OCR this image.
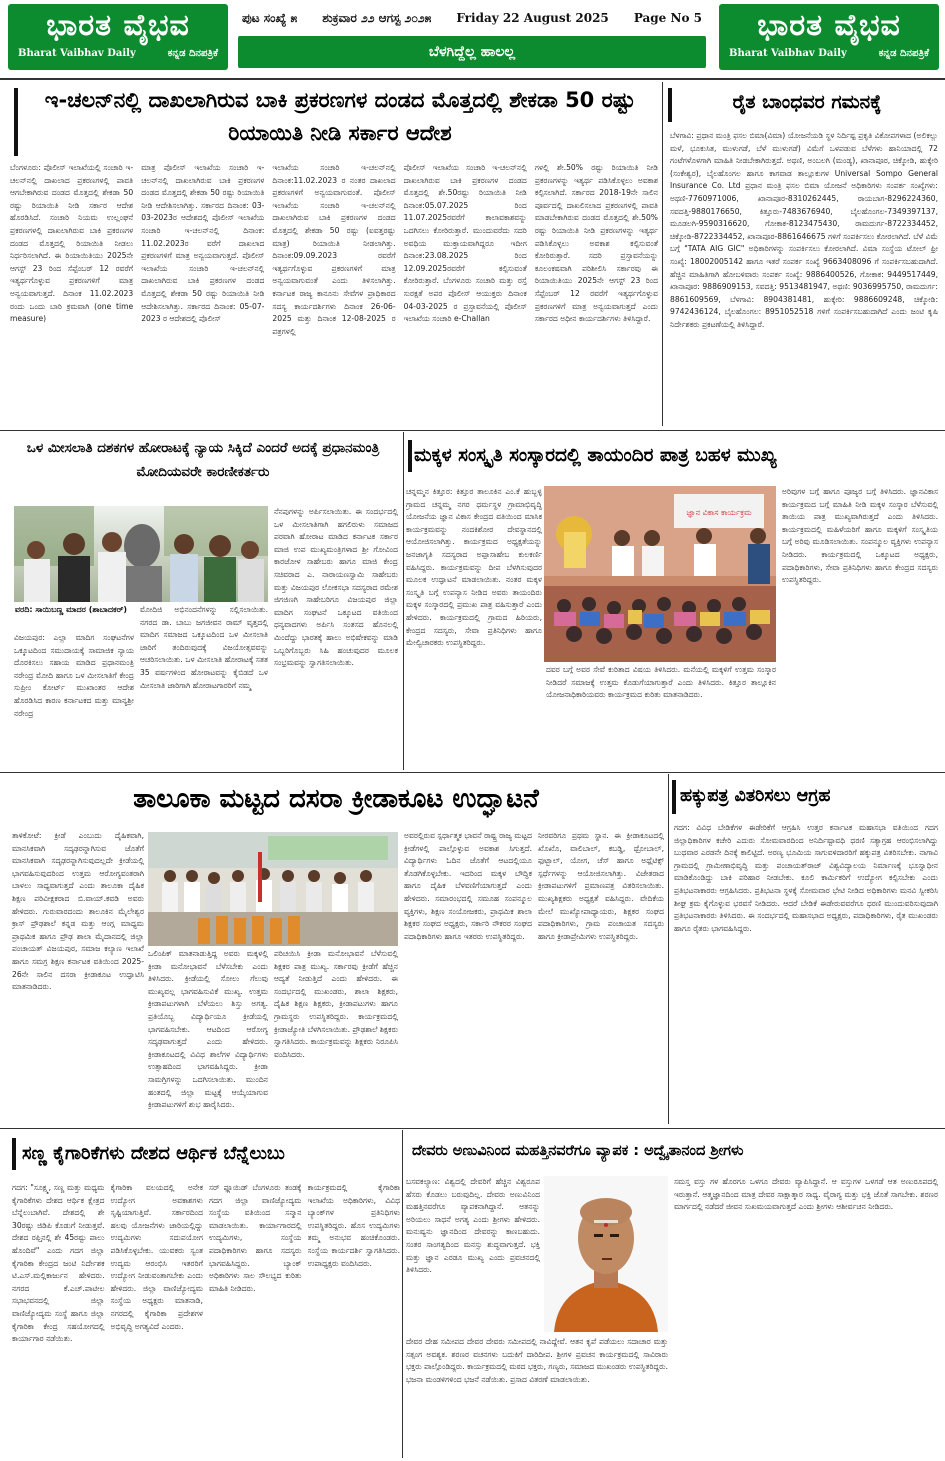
ಭಾರತ ವೈಭವ
Bharat Vaibhav Daily	ಕನ್ನಡ ದಿನಪತ್ರಿಕೆ
ಪುಟ ಸಂಖ್ಯೆ ೫ ಶುಕ್ರವಾರ ೨೨ ಆಗಸ್ಟ ೨೦೨೫ Friday 22 August 2025 Page No 5
ಬೆಳಗಿದ್ದೆಲ್ಲ ಹಾಲಲ್ಲ
ಭಾರತ ವೈಭವ
Bharat Vaibhav Daily	ಕನ್ನಡ ದಿನಪತ್ರಿಕೆ
ಇ-ಚಲನ್‌ನಲ್ಲಿ ದಾಖಲಾಗಿರುವ ಬಾಕಿ ಪ್ರಕರಣಗಳ ದಂಡದ ಮೊತ್ತದಲ್ಲಿ ಶೇಕಡಾ 50 ರಷ್ಟು ರಿಯಾಯಿತಿ ನೀಡಿ ಸರ್ಕಾರ ಆದೇಶ
ಬೆಂಗಳೂರು: ಪೊಲೀಸ್ ಇಲಾಖೆಯಲ್ಲಿ ಸಂಚಾರಿ ಇ-ಚಲನ್‌ನಲ್ಲಿ ದಾಖಲಾದ ಪ್ರಕರಣಗಳಲ್ಲಿ ಪಾವತಿ ಆಗಬೇಕಾಗಿರುವ ದಂಡದ ಮೊತ್ತದಲ್ಲಿ ಶೇಕಡಾ 50 ರಷ್ಟು ರಿಯಾಯಿತಿ ನೀಡಿ ಸರ್ಕಾರ ಆದೇಶ ಹೊರಡಿಸಿದೆ. ಸಂಚಾರಿ ನಿಯಮ ಉಲ್ಲಂಘನೆ ಪ್ರಕರಣಗಳಲ್ಲಿ ದಾಖಲಾಗಿರುವ ಬಾಕಿ ಪ್ರಕರಣಗಳ ದಂಡದ ಮೊತ್ತದಲ್ಲಿ ರಿಯಾಯಿತಿ ನೀಡಲು ನಿರ್ಧರಿಸಲಾಗಿದೆ. ಈ ರಿಯಾಯಿತಿಯು 2025ನೇ ಆಗಸ್ಟ್ 23 ರಿಂದ ಸೆಪ್ಟೆಂಬರ್ 12 ರವರೆಗೆ ಇತ್ಯರ್ಥಗೊಳ್ಳುವ ಪ್ರಕರಣಗಳಿಗೆ ಮಾತ್ರ ಅನ್ವಯವಾಗುತ್ತದೆ. ದಿನಾಂಕ 11.02.2023 ರಂದು ಒಂದು ಬಾರಿ ಕ್ರಮವಾಗಿ (one time measure)
ಮಾತ್ರ ಪೊಲೀಸ್ ಇಲಾಖೆಯ ಸಂಚಾರಿ ಇ-ಚಲನ್‌ನಲ್ಲಿ ದಾಖಲಾಗಿರುವ ಬಾಕಿ ಪ್ರಕರಣಗಳ ದಂಡದ ಮೊತ್ತದಲ್ಲಿ ಶೇಕಡಾ 50 ರಷ್ಟು ರಿಯಾಯಿತಿ ನೀಡಿ ಆದೇಶಿಸಲಾಗಿತ್ತು. ಸರ್ಕಾರದ ದಿನಾಂಕ: 03-03-2023ರ ಆದೇಶದಲ್ಲಿ ಪೊಲೀಸ್ ಇಲಾಖೆಯ ಸಂಚಾರಿ ಇ-ಚಲನ್‌ನಲ್ಲಿ ದಿನಾಂಕ: 11.02.2023ರ ವರೆಗೆ ದಾಖಲಾದ ಪ್ರಕರಣಗಳಿಗೆ ಮಾತ್ರ ಅನ್ವಯವಾಗುತ್ತದೆ. ಪೊಲೀಸ್ ಇಲಾಖೆಯ ಸಂಚಾರಿ ಇ-ಚಲನ್‌ನಲ್ಲಿ ದಾಖಲಾಗಿರುವ ಬಾಕಿ ಪ್ರಕರಣಗಳ ದಂಡದ ಮೊತ್ತದಲ್ಲಿ ಶೇಕಡಾ 50 ರಷ್ಟು ರಿಯಾಯಿತಿ ನೀಡಿ ಆದೇಶಿಸಲಾಗಿತ್ತು. ಸರ್ಕಾರದ ದಿನಾಂಕ: 05-07-2023 ರ ಆದೇಶದಲ್ಲಿ ಪೊಲೀಸ್
ಇಲಾಖೆಯ ಸಂಚಾರಿ ಇ-ಚಲನ್‌ನಲ್ಲಿ ದಿನಾಂಕ:11.02.2023 ರ ನಂತರ ದಾಖಲಾದ ಪ್ರಕರಣಗಳಿಗೆ ಅನ್ವಯವಾಗುವಂತೆ. ಪೊಲೀಸ್ ಇಲಾಖೆಯ ಸಂಚಾರಿ ಇ-ಚಲನ್‌ನಲ್ಲಿ ದಾಖಲಾಗಿರುವ ಬಾಕಿ ಪ್ರಕರಣಗಳ ದಂಡದ ಮೊತ್ತದಲ್ಲಿ ಶೇಕಡಾ 50 ರಷ್ಟು (ಐವತ್ತರಷ್ಟು ಮಾತ್ರ) ರಿಯಾಯಿತಿ ನೀಡಲಾಗಿತ್ತು. ದಿನಾಂಕ:09.09.2023 ರವರೆಗೆ ಇತ್ಯರ್ಥಗೊಳ್ಳುವ ಪ್ರಕರಣಗಳಿಗೆ ಮಾತ್ರ ಅನ್ವಯವಾಗುವಂತೆ ಎಂದು ತಿಳಿಸಲಾಗಿತ್ತು. ಕರ್ನಾಟಕ ರಾಜ್ಯ ಕಾನೂನು ಸೇವೆಗಳ ಪ್ರಾಧಿಕಾರದ ಸದಸ್ಯ ಕಾರ್ಯದರ್ಶಿಗಳು ದಿನಾಂಕ 26-06-2025 ಮತ್ತು ದಿನಾಂಕ 12-08-2025 ರ ಪತ್ರಗಳಲ್ಲಿ
ಪೊಲೀಸ್ ಇಲಾಖೆಯ ಸಂಚಾರಿ ಇ-ಚಲನ್‌ನಲ್ಲಿ ದಾಖಲಾಗಿರುವ ಬಾಕಿ ಪ್ರಕರಣಗಳ ದಂಡದ ಮೊತ್ತದಲ್ಲಿ ಶೇ.50ರಷ್ಟು ರಿಯಾಯಿತಿ ನೀಡಿ ದಿನಾಂಕ:05.07.2025 ರಿಂದ 11.07.2025ರವರೆಗೆ ಕಾಲಾವಕಾಶವನ್ನು ಒದಗಿಸಲು ಕೋರಿರುತ್ತಾರೆ. ಮುಂದುವರೆದು ಸದರಿ ಅವಧಿಯ ಮುಕ್ತಾಯವಾಗಿದ್ದರೂ ಇದೀಗ ದಿನಾಂಕ:23.08.2025 ರಿಂದ 12.09.2025ರವರೆಗೆ ಕಲ್ಪಿಸುವಂತೆ ಕೋರಿರುತ್ತಾರೆ. ಬೆಂಗಳೂರು ಸಂಚಾರಿ ಮತ್ತು ರಸ್ತೆ ಸುರಕ್ಷತೆ ಅಪರ ಪೊಲೀಸ್ ಆಯುಕ್ತರು ದಿನಾಂಕ 04-03-2025 ರ ಪ್ರಸ್ತಾವನೆಯಲ್ಲಿ ಪೊಲೀಸ್ ಇಲಾಖೆಯ ಸಂಚಾರಿ e-Challan
ಗಳಲ್ಲಿ ಶೇ.50% ರಷ್ಟು ರಿಯಾಯಿತಿ ನೀಡಿ ಪ್ರಕರಣಗಳನ್ನು ಇತ್ಯರ್ಥ ಪಡಿಸಿಕೊಳ್ಳಲು ಅವಕಾಶ ಕಲ್ಪಿಸಲಾಗಿದೆ. ಸರ್ಕಾರದ 2018-19ನೇ ಸಾಲಿನ ಪೂರ್ವದಲ್ಲಿ ದಾಖಲಿಸಲಾದ ಪ್ರಕರಣಗಳಲ್ಲಿ ಪಾವತಿ ಮಾಡಬೇಕಾಗಿರುವ ದಂಡದ ಮೊತ್ತದಲ್ಲಿ ಶೇ.50% ರಷ್ಟು ರಿಯಾಯಿತಿ ನೀಡಿ ಪ್ರಕರಣಗಳನ್ನು ಇತ್ಯರ್ಥ ಪಡಿಸಿಕೊಳ್ಳಲು ಅವಕಾಶ ಕಲ್ಪಿಸುವಂತೆ ಕೋರಿರುತ್ತಾರೆ. ಸದರಿ ಪ್ರಸ್ತಾವನೆಯನ್ನು ಕೂಲಂಕಷವಾಗಿ ಪರಿಶೀಲಿಸಿ ಸರ್ಕಾರವು ಈ ರಿಯಾಯಿತಿಯು 2025ನೇ ಆಗಸ್ಟ್ 23 ರಿಂದ ಸೆಪ್ಟೆಂಬರ್ 12 ರವರೆಗೆ ಇತ್ಯರ್ಥಗೊಳ್ಳುವ ಪ್ರಕರಣಗಳಿಗೆ ಮಾತ್ರ ಅನ್ವಯವಾಗುತ್ತದೆ ಎಂದು ಸರ್ಕಾರದ ಅಧೀನ ಕಾರ್ಯದರ್ಶಿಗಳು ತಿಳಿಸಿದ್ದಾರೆ.
ರೈತ ಬಾಂಧವರ ಗಮನಕ್ಕೆ
ಬೆಳಗಾವಿ: ಪ್ರಧಾನ ಮಂತ್ರಿ ಫಸಲ ಬಿಮಾ(ವಿಮಾ) ಯೋಜನೆಯಡಿ ಸ್ಥಳ ನಿರ್ದಿಷ್ಟ ಪ್ರಕೃತಿ ವಿಕೋಪಗಳಾದ (ಅಲಿಕಲ್ಲು ಮಳೆ, ಭೂಕುಸಿತ, ಮುಳುಗಡೆ, ಬೆಳೆ ಮುಳುಗಡೆ) ವಿಮೆಗೆ ಒಳಪಡುವ ಬೆಳೆಗಳು ಹಾನಿಯಾದಲ್ಲಿ 72 ಗಂಟೆಗಳೊಳಗಾಗಿ ಮಾಹಿತಿ ನೀಡಬೇಕಾಗಿರುತ್ತದೆ. ಅಥಣಿ, ಅಂಬಲಗಿ (ಮಂಡ್ಯ), ಖಾನಾಪೂರ, ಚಿಕ್ಕೋಡಿ, ಹುಕ್ಕೇರಿ (ಸಂಕೇಶ್ವರ), ಬೈಲಹೊಂಗಲ ಹಾಗೂ ಕಾಗವಾಡ ತಾಲ್ಲೂಕುಗಳ Universal Sompo General Insurance Co. Ltd ಪ್ರಧಾನ ಮಂತ್ರಿ ಫಸಲ ಬಿಮಾ ಯೋಜನೆ ಅಧಿಕಾರಿಗಳು ಸಂಪರ್ಕ ಸಂಖ್ಯೆಗಳು: ಅಥಣಿ-7760971006, ಖಾನಾಪೂರ-8310262445, ರಾಯಬಾಗ-8296224360, ಸವದತ್ತಿ-9880176650, ಕಿತ್ತೂರು-7483676940, ಬೈಲಹೊಂಗಲ-7349397137, ಮೂಡಲಗಿ-9590316620, ಗೋಕಾಕ-8123475430, ರಾಮದುರ್ಗ-8722334452, ಚಿಕ್ಕೋಡಿ-8722334452, ಖಾನಾಪೂರ-8861646675 ಗಳಿಗೆ ಸಂಪರ್ಕಿಸಲು ಕೋರಲಾಗಿದೆ. ಬೆಳೆ ವಿಮೆ ಬಗ್ಗೆ "TATA AIG GIC" ಅಧಿಕಾರಿಗಳನ್ನು ಸಂಪರ್ಕಿಸಲು ಕೋರಲಾಗಿದೆ. ವಿಮಾ ಸಂಸ್ಥೆಯ ಟೋಲ್ ಫ್ರೀ ಸಂಖ್ಯೆ: 18002005142 ಹಾಗೂ ಇತರೆ ಸಂಪರ್ಕ ಸಂಖ್ಯೆ 9663408096 ಗೆ ಸಂಪರ್ಕಿಸಬಹುದಾಗಿದೆ. ಹೆಚ್ಚಿನ ಮಾಹಿತಿಗಾಗಿ ಹೋಬಳಿವಾರು ಸಂಪರ್ಕ ಸಂಖ್ಯೆ: 9886400526, ಗೋಕಾಕ: 9449517449, ಖಾನಾಪೂರ: 9886909153, ಸವದತ್ತಿ: 9513481947, ಅಥಣಿ: 9036995750, ರಾಮದುರ್ಗ: 8861609569, ಬೆಳಗಾವಿ: 8904381481, ಹುಕ್ಕೇರಿ: 9886609248, ಚಿಕ್ಕೋಡಿ: 9742436124, ಬೈಲಹೊಂಗಲ: 8951052518 ಗಳಿಗೆ ಸಂಪರ್ಕಿಸಬಹುದಾಗಿದೆ ಎಂದು ಜಂಟಿ ಕೃಷಿ ನಿರ್ದೇಶಕರು ಪ್ರಕಟಣೆಯಲ್ಲಿ ತಿಳಿಸಿದ್ದಾರೆ.
ಒಳ ಮೀಸಲಾತಿ ದಶಕಗಳ ಹೋರಾಟಕ್ಕೆ ನ್ಯಾಯ ಸಿಕ್ಕಿದೆ ಎಂದರೆ ಅದಕ್ಕೆ ಪ್ರಧಾನಮಂತ್ರಿ ಮೋದಿಯವರೇ ಕಾರಣೀಕರ್ತರು
ವರದಿ: ಸಾಯಿಬಣ್ಣ ಮಾದರ (ಶಾಬಾದಕರ್)
ವಿಜಯಪುರ: ಎಲ್ಲಾ ಮಾದಿಗ ಸಂಘಟನೆಗಳ ಒಕ್ಕೂಟದಿಂದ ಸಮುದಾಯಕ್ಕೆ ಸಾಮಾಜಿಕ ನ್ಯಾಯ ದೊರಕಿಸಲು ಸಹಾಯ ಮಾಡಿದ ಪ್ರಧಾನಮಂತ್ರಿ ನರೇಂದ್ರ ಮೋದಿ ಹಾಗೂ ಒಳ ಮೀಸಲಾತಿಗೆ ಕೇಂದ್ರ ಸುಪ್ರೀಂ ಕೋರ್ಟ್ ಮುಖಾಂತರ ಆದೇಶ ಹೊರಡಿಸಿದ ಕಾರಣ ಕರ್ನಾಟಕದ ಮತ್ತು ಮಾನ್ಯಶ್ರೀ ನರೇಂದ್ರ
ಮೋದಿಜಿ ಅಭಿನಂದನೆಗಳನ್ನು ಸಲ್ಲಿಸಲಾಯಿತು. ನಗರದ ಡಾ. ಬಾಬು ಜಗಜೀವನ ರಾಮ್ ವೃತ್ತದಲ್ಲಿ ಮಾದಿಗ ಸಮಾಜದ ಒಕ್ಕೂಟದಿಂದ ಒಳ ಮೀಸಲಾತಿ ಜಾರಿಗೆ ತಂದಿರುವುದಕ್ಕೆ ವಿಜಯೋತ್ಸವವನ್ನು ಆಚರಿಸಲಾಯಿತು. ಒಳ ಮೀಸಲಾತಿ ಹೋರಾಟಕ್ಕೆ ಸತತ 35 ವರ್ಷಗಳಿಂದ ಹೋರಾಟವನ್ನು ಕೈಬಿಡದೆ ಒಳ ಮೀಸಲಾತಿ ಜಾರಿಗಾಗಿ ಹೋರಾಟಗಾರರಿಗೆ ನಮ್ಮ
ನೆನಪುಗಳನ್ನು ಅರ್ಪಿಸಲಾಯಿತು. ಈ ಸಂದರ್ಭದಲ್ಲಿ ಒಳ ಮೀಸಲಾತಿಗಾಗಿ ಹಗಲಿರುಳು ಸಮಾಜದ ಪರವಾಗಿ ಹೋರಾಟ ಮಾಡಿದ ಕರ್ನಾಟಕ ಸರ್ಕಾರ ಮಾಜಿ ಉಪ ಮುಖ್ಯಮಂತ್ರಿಗಳಾದ ಶ್ರೀ ಗೋವಿಂದ ಕಾರಜೋಳ ಸಾಹೇಬರು ಹಾಗೂ ಮಾಜಿ ಕೇಂದ್ರ ಸಚಿವರಾದ ಎ. ನಾರಾಯಣಸ್ವಾಮಿ ಸಾಹೇಬರು ಮತ್ತು ವಿಜಯಪುರ ಲೋಕಸಭಾ ಸದಸ್ಯರಾದ ರಮೇಶ ಜಿಗಜಿಣಗಿ ಸಾಹೇಬರಿಗೂ ವಿಜಯಪುರ ಜಿಲ್ಲಾ ಮಾದಿಗ ಸಂಘಟನೆ ಒಕ್ಕೂಟದ ವತಿಯಿಂದ ಧನ್ಯವಾದಗಳು ಅರ್ಪಿಸಿ ಸಂತಸದ ಹೊನಲಲ್ಲಿ ಮಿಂದೆದ್ದು ಭಾರತಕ್ಕೆ ಹಾಲು ಅಭಿಷೇಕವನ್ನು ಮಾಡಿ ಒಬ್ಬರಿಗೊಬ್ಬರು ಸಿಹಿ ಹಂಚುವುದರ ಮೂಲಕ ಸಂಭ್ರಮವನ್ನು ಸ್ವಾಗತಿಸಲಾಯಿತು.
ಮಕ್ಕಳ ಸಂಸ್ಕೃತಿ ಸಂಸ್ಕಾರದಲ್ಲಿ ತಾಯಂದಿರ ಪಾತ್ರ ಬಹಳ ಮುಖ್ಯ
ಚನ್ನಮ್ಮನ ಕಿತ್ತೂರ: ಕಿತ್ತೂರ ತಾಲೂಕಿನ ಎಂ.ಕೆ ಹುಬ್ಬಳ್ಳಿ ಗ್ರಾಮದ ಚನ್ನಮ್ಮ ನಗರ ಧರ್ಮಸ್ಥಳ ಗ್ರಾಮಾಭಿವೃದ್ಧಿ ಯೋಜನೆಯ ಜ್ಞಾನ ವಿಕಾಸ ಕೇಂದ್ರದ ವತಿಯಿಂದ ಮಾಸಿಕ ಕಾರ್ಯಕ್ರಮವನ್ನು ನಂದಕಿಶೋರ ದೇವಸ್ಥಾನದಲ್ಲಿ ಆಯೋಜಿಸಲಾಗಿತ್ತು. ಕಾರ್ಯಕ್ರಮದ ಅಧ್ಯಕ್ಷತೆಯನ್ನು ಜನಜಾಗೃತಿ ಸದಸ್ಯರಾದ ಅಪ್ಪಾಸಾಹೇಬ ಕುಲಕರ್ಣಿ ವಹಿಸಿದ್ದರು. ಕಾರ್ಯಕ್ರಮವನ್ನು ದೀಪ ಬೆಳಗಿಸುವುದರ ಮೂಲಕ ಉದ್ಘಾಟನೆ ಮಾಡಲಾಯಿತು. ನಂತರ ಮಕ್ಕಳ ಸಂಸ್ಕೃತಿ ಬಗ್ಗೆ ಉಪನ್ಯಾಸ ನೀಡಿದ ಅವರು ತಾಯಂದಿರು ಮಕ್ಕಳ ಸಂಸ್ಕಾರದಲ್ಲಿ ಪ್ರಮುಖ ಪಾತ್ರ ವಹಿಸುತ್ತಾರೆ ಎಂದು ಹೇಳಿದರು. ಕಾರ್ಯಕ್ರಮದಲ್ಲಿ ಗ್ರಾಮದ ಹಿರಿಯರು, ಕೇಂದ್ರದ ಸದಸ್ಯರು, ಸೇವಾ ಪ್ರತಿನಿಧಿಗಳು ಹಾಗೂ ಮೇಲ್ವಿಚಾರಕರು ಉಪಸ್ಥಿತರಿದ್ದರು.
ಜ್ಞಾನ ವಿಕಾಸ ಕಾರ್ಯಕ್ರಮ
ದವರ ಬಗ್ಗೆ ಅವರ ಸೇವೆ ಕುರಿತಾದ ವಿಷಯ ತಿಳಿಸಿದರು. ಮನೆಯಲ್ಲಿ ಮಕ್ಕಳಿಗೆ ಉತ್ತಮ ಸಂಸ್ಕಾರ ನೀಡಿದರೆ ಸಮಾಜಕ್ಕೆ ಉತ್ತಮ ಕೊಡುಗೆಯಾಗುತ್ತಾರೆ ಎಂದು ತಿಳಿಸಿದರು. ಕಿತ್ತೂರ ತಾಲ್ಲೂಕಿನ ಯೋಜನಾಧಿಕಾರಿಯವರು ಕಾರ್ಯಕ್ರಮದ ಕುರಿತು ಮಾತನಾಡಿದರು.
ಅರಿವುಗಳ ಬಗ್ಗೆ ಹಾಗೂ ಪೂಜ್ಯರ ಬಗ್ಗೆ ತಿಳಿಸಿದರು. ಜ್ಞಾನವಿಕಾಸ ಕಾರ್ಯಕ್ರಮದ ಬಗ್ಗೆ ಮಾಹಿತಿ ನೀಡಿ ಮಕ್ಕಳ ಸಂಸ್ಕಾರ ಬೆಳೆಸುವಲ್ಲಿ ತಾಯಿಯ ಪಾತ್ರ ಮುಖ್ಯವಾಗಿರುತ್ತದೆ ಎಂದು ತಿಳಿಸಿದರು. ಕಾರ್ಯಕ್ರಮದಲ್ಲಿ ಮಹಿಳೆಯರಿಗೆ ಹಾಗೂ ಮಕ್ಕಳಿಗೆ ಸಂಸ್ಕೃತಿಯ ಬಗ್ಗೆ ಅರಿವು ಮೂಡಿಸಲಾಯಿತು. ಸಂಪನ್ಮೂಲ ವ್ಯಕ್ತಿಗಳು ಉಪನ್ಯಾಸ ನೀಡಿದರು. ಕಾರ್ಯಕ್ರಮದಲ್ಲಿ ಒಕ್ಕೂಟದ ಅಧ್ಯಕ್ಷರು, ಪದಾಧಿಕಾರಿಗಳು, ಸೇವಾ ಪ್ರತಿನಿಧಿಗಳು ಹಾಗೂ ಕೇಂದ್ರದ ಸದಸ್ಯರು ಉಪಸ್ಥಿತರಿದ್ದರು.
ತಾಲೂಕಾ ಮಟ್ಟದ ದಸರಾ ಕ್ರೀಡಾಕೂಟ ಉದ್ಘಾಟನೆ
ತಾಳಿಕೋಟೆ: ಕ್ರೀಡೆ ಎಂಬುದು ದೈಹಿಕವಾಗಿ, ಮಾನಸಿಕವಾಗಿ ಸದೃಢರನ್ನಾಗಿಸುವ ಜೊತೆಗೆ ಮಾನಸಿಕವಾಗಿ ಸದೃಢರನ್ನಾಗಿಸುವುದಲ್ಲದೇ ಕ್ರೀಡೆಯಲ್ಲಿ ಭಾಗವಹಿಸುವುದರಿಂದ ಉತ್ತಮ ಆರೋಗ್ಯವಂತರಾಗಿ ಬಾಳಲು ಸಾಧ್ಯವಾಗುತ್ತದೆ ಎಂದು ತಾಲೂಕಾ ದೈಹಿಕ ಶಿಕ್ಷಣ ಪರಿವೀಕ್ಷಕರಾದ ಬಿ.ವಾಯ್.ಕವಡಿ ಅವರು ಹೇಳಿದರು. ಗುರುವಾರದಂದು ತಾಲೂಕಿನ ಮೈಲೇಶ್ವರ ಕ್ರಾಸ್ ಪ್ರೌಢಶಾಲೆ ಕನ್ನಡ ಮತ್ತು ಆಂಗ್ಲ ಮಾಧ್ಯಮ ಪ್ರಾಥಮಿಕ ಹಾಗೂ ಪ್ರೌಢ ಶಾಲಾ ಮೈದಾನದಲ್ಲಿ ಜಿಲ್ಲಾ ಪಂಚಾಯತ್ ವಿಜಯಪುರ, ಸಮಾಜ ಕಲ್ಯಾಣ ಇಲಾಖೆ ಹಾಗೂ ಸಮಗ್ರ ಶಿಕ್ಷಣ ಕರ್ನಾಟಕ ವತಿಯಿಂದ 2025-26ನೇ ಸಾಲಿನ ದಸರಾ ಕ್ರೀಡಾಕೂಟ ಉದ್ಘಾಟಿಸಿ ಮಾತನಾಡಿದರು.
ಒಲಿಂಪಿಕ್ ಮಾತನಾಡುತ್ತಿದ್ದ ಅವರು ಮಕ್ಕಳಲ್ಲಿ ಕ್ರೀಡಾ ಮನೋಭಾವನೆ ಬೆಳೆಸಬೇಕು ಎಂದು ತಿಳಿಸಿದರು. ಕ್ರೀಡೆಯಲ್ಲಿ ಸೋಲು ಗೆಲುವು ಮುಖ್ಯವಲ್ಲ ಭಾಗವಹಿಸುವಿಕೆ ಮುಖ್ಯ. ಉತ್ತಮ ಕ್ರೀಡಾಪಟುಗಳಾಗಿ ಬೆಳೆಯಲು ಶಿಸ್ತು ಅಗತ್ಯ. ಪ್ರತಿಯೊಬ್ಬ ವಿದ್ಯಾರ್ಥಿಯೂ ಕ್ರೀಡೆಯಲ್ಲಿ ಭಾಗವಹಿಸಬೇಕು. ಆಟದಿಂದ ಆರೋಗ್ಯ ಸದೃಢವಾಗುತ್ತದೆ ಎಂದು ಹೇಳಿದರು. ಕ್ರೀಡಾಕೂಟದಲ್ಲಿ ವಿವಿಧ ಶಾಲೆಗಳ ವಿದ್ಯಾರ್ಥಿಗಳು ಉತ್ಸಾಹದಿಂದ ಭಾಗವಹಿಸಿದ್ದರು. ಕ್ರೀಡಾ ಸಾಮಗ್ರಿಗಳನ್ನು ಒದಗಿಸಲಾಯಿತು. ಮುಂದಿನ ಹಂತದಲ್ಲಿ ಜಿಲ್ಲಾ ಮಟ್ಟಕ್ಕೆ ಆಯ್ಕೆಯಾಗುವ ಕ್ರೀಡಾಪಟುಗಳಿಗೆ ಶುಭ ಹಾರೈಸಿದರು.
ಪರಿಚಯಿಸಿ ಕ್ರೀಡಾ ಮನೋಭಾವನೆ ಬೆಳೆಸುವಲ್ಲಿ ಶಿಕ್ಷಕರ ಪಾತ್ರ ಮುಖ್ಯ. ಸರ್ಕಾರವು ಕ್ರೀಡೆಗೆ ಹೆಚ್ಚಿನ ಆದ್ಯತೆ ನೀಡುತ್ತಿದೆ ಎಂದು ಹೇಳಿದರು. ಈ ಸಂದರ್ಭದಲ್ಲಿ ಮುಖಂಡರು, ಶಾಲಾ ಶಿಕ್ಷಕರು, ದೈಹಿಕ ಶಿಕ್ಷಣ ಶಿಕ್ಷಕರು, ಕ್ರೀಡಾಪಟುಗಳು ಹಾಗೂ ಗ್ರಾಮಸ್ಥರು ಉಪಸ್ಥಿತರಿದ್ದರು. ಕಾರ್ಯಕ್ರಮದಲ್ಲಿ ಕ್ರೀಡಾಜ್ಯೋತಿ ಬೆಳಗಿಸಲಾಯಿತು. ಪ್ರೌಢಶಾಲೆ ಶಿಕ್ಷಕರು ಸ್ವಾಗತಿಸಿದರು. ಕಾರ್ಯಕ್ರಮವನ್ನು ಶಿಕ್ಷಕರು ನಿರೂಪಿಸಿ ವಂದಿಸಿದರು.
ಅವರಲ್ಲಿರುವ ಸ್ಪರ್ಧಾತ್ಮಕ ಭಾವನೆ ರಾಷ್ಟ್ರ ರಾಜ್ಯ ಮಟ್ಟದ ಕ್ರೀಡೆಗಳಲ್ಲಿ ಪಾಲ್ಗೊಳ್ಳುವ ಅವಕಾಶ ಸಿಗುತ್ತದೆ. ವಿದ್ಯಾರ್ಥಿಗಳು ಓದಿನ ಜೊತೆಗೆ ಆಟದಲ್ಲಿಯೂ ತೊಡಗಿಕೊಳ್ಳಬೇಕು. ಇದರಿಂದ ಮಕ್ಕಳ ಬೌದ್ಧಿಕ ಹಾಗೂ ದೈಹಿಕ ಬೆಳವಣಿಗೆಯಾಗುತ್ತದೆ ಎಂದು ಹೇಳಿದರು. ಸಮಾರಂಭದಲ್ಲಿ ಸಮೂಹ ಸಂಪನ್ಮೂಲ ವ್ಯಕ್ತಿಗಳು, ಶಿಕ್ಷಣ ಸಂಯೋಜಕರು, ಪ್ರಾಥಮಿಕ ಶಾಲಾ ಶಿಕ್ಷಕರ ಸಂಘದ ಅಧ್ಯಕ್ಷರು, ಸರ್ಕಾರಿ ನೌಕರರ ಸಂಘದ ಪದಾಧಿಕಾರಿಗಳು ಹಾಗೂ ಇತರರು ಉಪಸ್ಥಿತರಿದ್ದರು.
ನೀರವರಿಗೂ ಪ್ರಥಮ ಸ್ಥಾನ. ಈ ಕ್ರೀಡಾಕೂಟದಲ್ಲಿ ಖೊಖೊ, ವಾಲಿಬಾಲ್, ಕಬಡ್ಡಿ, ಥ್ರೋಬಾಲ್, ಫುಟ್ಬಾಲ್, ಯೋಗ, ಚೆಸ್ ಹಾಗೂ ಅಥ್ಲೆಟಿಕ್ಸ್ ಸ್ಪರ್ಧೆಗಳನ್ನು ಆಯೋಜಿಸಲಾಗಿತ್ತು. ವಿಜೇತರಾದ ಕ್ರೀಡಾಪಟುಗಳಿಗೆ ಪ್ರಮಾಣಪತ್ರ ವಿತರಿಸಲಾಯಿತು. ಮುಖ್ಯಶಿಕ್ಷಕರು ಅಧ್ಯಕ್ಷತೆ ವಹಿಸಿದ್ದರು. ವೇದಿಕೆಯ ಮೇಲೆ ಮುಖ್ಯೋಪಾಧ್ಯಾಯರು, ಶಿಕ್ಷಕರ ಸಂಘದ ಪದಾಧಿಕಾರಿಗಳು, ಗ್ರಾಮ ಪಂಚಾಯತ ಸದಸ್ಯರು ಹಾಗೂ ಕ್ರೀಡಾಪ್ರೇಮಿಗಳು ಉಪಸ್ಥಿತರಿದ್ದರು.
ಹಕ್ಕುಪತ್ರ ವಿತರಿಸಲು ಆಗ್ರಹ
ಗದಗ: ವಿವಿಧ ಬೇಡಿಕೆಗಳ ಈಡೇರಿಕೆಗೆ ಆಗ್ರಹಿಸಿ ಉತ್ತರ ಕರ್ನಾಟಕ ಮಹಾಸಭಾ ವತಿಯಿಂದ ಗದಗ ಜಿಲ್ಲಾಧಿಕಾರಿಗಳ ಕಚೇರಿ ಎದುರು ಸೋಮವಾರದಿಂದ ಅನಿರ್ದಿಷ್ಟಾವಧಿ ಧರಣಿ ಸತ್ಯಾಗ್ರಹ ಆರಂಭಿಸಲಾಗಿದ್ದು ಬುಧವಾರ ಎರಡನೇ ದಿನಕ್ಕೆ ಕಾಲಿಟ್ಟಿದೆ. ಅರಣ್ಯ ಭೂಮಿಯ ಸಾಗುವಳಿದಾರರಿಗೆ ಹಕ್ಕುಪತ್ರ ವಿತರಿಸಬೇಕು. ನಾಗಾವಿ ಗ್ರಾಮದಲ್ಲಿ ಗ್ರಾಮೀಣಾಭಿವೃದ್ಧಿ ಮತ್ತು ಪಂಚಾಯತ್‌ರಾಜ್ ವಿಶ್ವವಿದ್ಯಾಲಯ ನಿರ್ಮಾಣಕ್ಕೆ ಭೂಸ್ವಾಧೀನ ಮಾಡಿಕೊಂಡಿದ್ದು ಬಾಕಿ ಪರಿಹಾರ ನೀಡಬೇಕು. ಕೂಲಿ ಕಾರ್ಮಿಕರಿಗೆ ಉದ್ಯೋಗ ಕಲ್ಪಿಸಬೇಕು ಎಂದು ಪ್ರತಿಭಟನಾಕಾರರು ಆಗ್ರಹಿಸಿದರು. ಪ್ರತಿಭಟನಾ ಸ್ಥಳಕ್ಕೆ ಸೋಮವಾರ ಭೇಟಿ ನೀಡಿದ ಅಧಿಕಾರಿಗಳು ಮನವಿ ಸ್ವೀಕರಿಸಿ ಶೀಘ್ರ ಕ್ರಮ ಕೈಗೊಳ್ಳುವ ಭರವಸೆ ನೀಡಿದರು. ಆದರೆ ಬೇಡಿಕೆ ಈಡೇರುವವರೆಗೂ ಧರಣಿ ಮುಂದುವರಿಸುವುದಾಗಿ ಪ್ರತಿಭಟನಾಕಾರರು ತಿಳಿಸಿದರು. ಈ ಸಂದರ್ಭದಲ್ಲಿ ಮಹಾಸಭಾದ ಅಧ್ಯಕ್ಷರು, ಪದಾಧಿಕಾರಿಗಳು, ರೈತ ಮುಖಂಡರು ಹಾಗೂ ರೈತರು ಭಾಗವಹಿಸಿದ್ದರು.
ಸಣ್ಣ ಕೈಗಾರಿಕೆಗಳು ದೇಶದ ಆರ್ಥಿಕ ಬೆನ್ನೆಲುಬು
ಗದಗ: "ಸೂಕ್ಷ್ಮ, ಸಣ್ಣ ಮತ್ತು ಮಧ್ಯಮ ಕೈಗಾರಿಕೆಗಳು ದೇಶದ ಆರ್ಥಿಕ ಕ್ಷೇತ್ರದ ಬೆನ್ನೆಲುಬಾಗಿವೆ. ದೇಶದಲ್ಲಿ ಶೇ 30ರಷ್ಟು ಜಿಡಿಪಿ ಕೊಡುಗೆ ನೀಡುತ್ತವೆ. ದೇಶದ ರಫ್ತಿನಲ್ಲಿ ಶೇ 45ರಷ್ಟು ಪಾಲು ಹೊಂದಿವೆ" ಎಂದು ಗದಗ ಜಿಲ್ಲಾ ಕೈಗಾರಿಕಾ ಕೇಂದ್ರದ ಜಂಟಿ ನಿರ್ದೇಶಕ ಟಿ.ಎಸ್.ಮಲ್ಲಿಕಾರ್ಜುನ ಹೇಳಿದರು. ನಗರದ ಕೆ.ಎಚ್.ಪಾಟೀಲ ಸಭಾಭವನದಲ್ಲಿ ಜಿಲ್ಲಾ ವಾಣಿಜ್ಯೋದ್ಯಮ ಸಂಸ್ಥೆ ಹಾಗೂ ಜಿಲ್ಲಾ ಕೈಗಾರಿಕಾ ಕೇಂದ್ರ ಸಹಯೋಗದಲ್ಲಿ ಕಾರ್ಯಾಗಾರ ನಡೆಯಿತು.
ಕೈಗಾರಿಕಾ ವಲಯದಲ್ಲಿ ಅನೇಕ ಉದ್ಯೋಗ ಅವಕಾಶಗಳು ಸೃಷ್ಟಿಯಾಗುತ್ತಿವೆ. ಸರ್ಕಾರದಿಂದ ಹಲವು ಯೋಜನೆಗಳು ಜಾರಿಯಲ್ಲಿದ್ದು ಉದ್ಯಮಿಗಳು ಸದುಪಯೋಗ ಪಡಿಸಿಕೊಳ್ಳಬೇಕು. ಯುವಕರು ಸ್ವಂತ ಉದ್ಯಮ ಆರಂಭಿಸಿ ಇತರರಿಗೆ ಉದ್ಯೋಗ ನೀಡುವಂತಾಗಬೇಕು ಎಂದು ಹೇಳಿದರು. ಜಿಲ್ಲಾ ವಾಣಿಜ್ಯೋದ್ಯಮ ಸಂಸ್ಥೆಯ ಅಧ್ಯಕ್ಷರು ಮಾತನಾಡಿ, ನಗರದಲ್ಲಿ ಕೈಗಾರಿಕಾ ಪ್ರದೇಶಗಳ ಅಭಿವೃದ್ಧಿ ಅಗತ್ಯವಿದೆ ಎಂದರು.
ಸರ್ ಫ್ಲೂಯಿಡ್ ಬೆಂಗಳೂರು ತಂಡಕ್ಕೆ ಗದಗ ಜಿಲ್ಲಾ ವಾಣಿಜ್ಯೋದ್ಯಮ ಸಂಸ್ಥೆಯ ವತಿಯಿಂದ ಸನ್ಮಾನ ಮಾಡಲಾಯಿತು. ಕಾರ್ಯಾಗಾರದಲ್ಲಿ ಉದ್ಯಮಿಗಳು, ಸಂಸ್ಥೆಯ ಪದಾಧಿಕಾರಿಗಳು ಹಾಗೂ ಸದಸ್ಯರು ಭಾಗವಹಿಸಿದ್ದರು. ಬ್ಯಾಂಕ್ ಅಧಿಕಾರಿಗಳು ಸಾಲ ಸೌಲಭ್ಯದ ಕುರಿತು ಮಾಹಿತಿ ನೀಡಿದರು.
ಕಾರ್ಯಕ್ರಮದಲ್ಲಿ ಕೈಗಾರಿಕಾ ಇಲಾಖೆಯ ಅಧಿಕಾರಿಗಳು, ವಿವಿಧ ಬ್ಯಾಂಕ್‌ಗಳ ಪ್ರತಿನಿಧಿಗಳು ಉಪಸ್ಥಿತರಿದ್ದರು. ಹೊಸ ಉದ್ಯಮಿಗಳು ತಮ್ಮ ಅನುಭವ ಹಂಚಿಕೊಂಡರು. ಸಂಸ್ಥೆಯ ಕಾರ್ಯದರ್ಶಿ ಸ್ವಾಗತಿಸಿದರು. ಉಪಾಧ್ಯಕ್ಷರು ವಂದಿಸಿದರು.
ದೇವರು ಅಣುವಿನಿಂದ ಮಹತ್ತಿನವರೆಗೂ ವ್ಯಾಪಕ : ಅದ್ವೈತಾನಂದ ಶ್ರೀಗಳು
ಬಸವಕಲ್ಯಾಣ: ವಿಶ್ವದಲ್ಲಿ ದೇವರಿಗೆ ಹೆಚ್ಚಿನ ವಿಶ್ವರೂಪ ಹೆಸರು ಕೊಡಲು ಬರುವುದಿಲ್ಲ. ದೇವರು ಅಣುವಿನಿಂದ ಮಹತ್ತಿನವರೆಗೂ ವ್ಯಾಪಕನಾಗಿದ್ದಾನೆ. ಆತನನ್ನು ಅರಿಯಲು ಸಾಧನೆ ಅಗತ್ಯ ಎಂದು ಶ್ರೀಗಳು ಹೇಳಿದರು. ಮನುಷ್ಯನು ಜ್ಞಾನದಿಂದ ದೇವರನ್ನು ಕಾಣಬಹುದು. ಸಂತರ ಸಾಂಗತ್ಯದಿಂದ ಮನಸ್ಸು ಶುದ್ಧವಾಗುತ್ತದೆ. ಭಕ್ತಿ ಮತ್ತು ಜ್ಞಾನ ಎರಡೂ ಮುಖ್ಯ ಎಂದು ಪ್ರವಚನದಲ್ಲಿ ತಿಳಿಸಿದರು.
ದೇವರ ದೇಹ ಸಮೀಪದ ದೇವರ ದೇವರು ಸಮೀಪದಲ್ಲಿ ನಾವಿದ್ದೇವೆ. ಆತನ ಕೃಪೆ ಪಡೆಯಲು ಸದಾಚಾರ ಮತ್ತು ಸತ್ಸಂಗ ಅವಶ್ಯಕ. ಶರಣರ ವಚನಗಳು ಬದುಕಿಗೆ ದಾರಿದೀಪ. ಶ್ರೀಗಳ ಪ್ರವಚನ ಕಾರ್ಯಕ್ರಮದಲ್ಲಿ ಸಾವಿರಾರು ಭಕ್ತರು ಪಾಲ್ಗೊಂಡಿದ್ದರು. ಕಾರ್ಯಕ್ರಮದಲ್ಲಿ ಮಠದ ಭಕ್ತರು, ಗಣ್ಯರು, ಸಮಾಜದ ಮುಖಂಡರು ಉಪಸ್ಥಿತರಿದ್ದರು. ಭಜನಾ ಮಂಡಳಿಗಳಿಂದ ಭಜನೆ ನಡೆಯಿತು. ಪ್ರಸಾದ ವಿತರಣೆ ಮಾಡಲಾಯಿತು.
ಸಮಸ್ತ ವಸ್ತು ಗಳ ಹೊರಗೂ ಒಳಗೂ ದೇವರು ವ್ಯಾಪಿಸಿದ್ದಾನೆ. ಆ ವಸ್ತುಗಳ ಒಳಗಡೆ ಆತ ಅಣುರೂಪದಲ್ಲಿ ಇರುತ್ತಾನೆ. ಆತ್ಮಜ್ಞಾನದಿಂದ ಮಾತ್ರ ದೇವರ ಸಾಕ್ಷಾತ್ಕಾರ ಸಾಧ್ಯ. ವೈರಾಗ್ಯ ಮತ್ತು ಭಕ್ತಿ ಜೊತೆ ಸಾಗಬೇಕು. ಶರಣರ ಮಾರ್ಗದಲ್ಲಿ ನಡೆದರೆ ಜೀವನ ಸುಖಮಯವಾಗುತ್ತದೆ ಎಂದು ಶ್ರೀಗಳು ಆಶೀರ್ವಚನ ನೀಡಿದರು.
